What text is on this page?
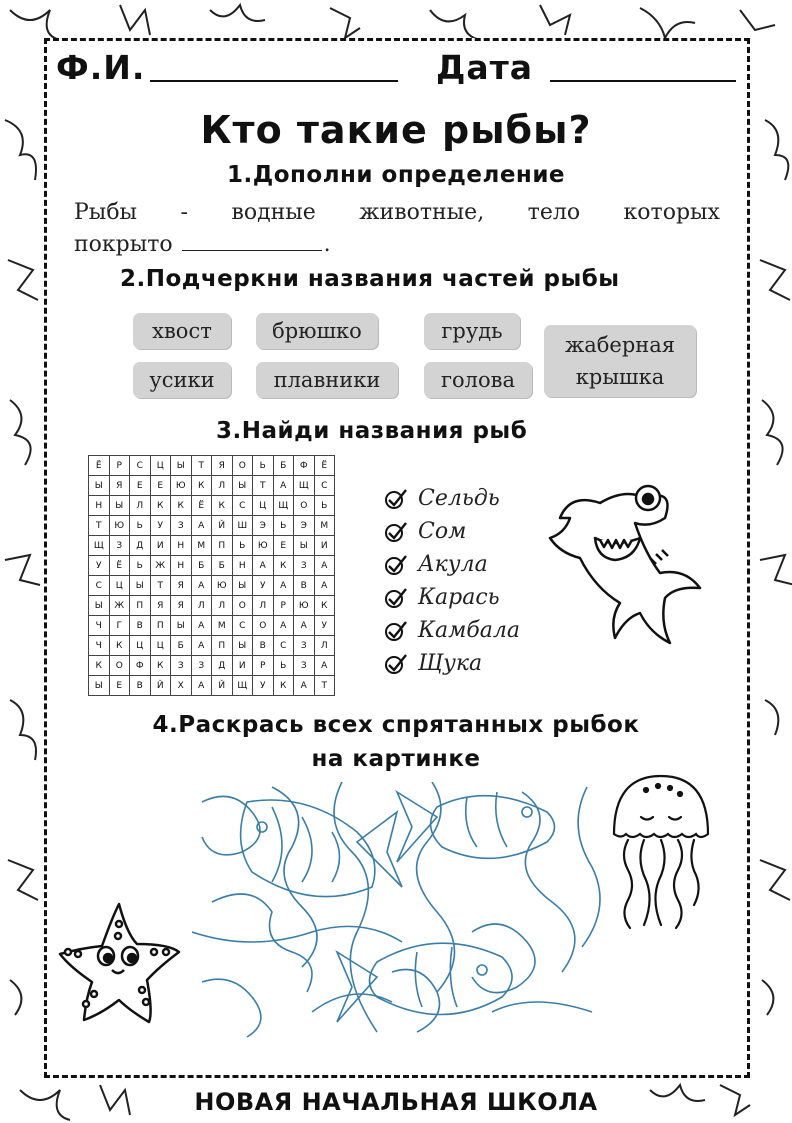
Ф.И.	Дата
Кто такие рыбы?
1.Дополни определение
Рыбы - водные животные, тело которых
покрыто	.
2.Подчеркни названия частей рыбы
хвост	брюшко	грудь
усики	плавники	голова
жаберная
крышка
3.Найди названия рыб
Ё	Р	С	Ц	Ы	Т	Я	О	Ь	Б	Ф	Ё
Ы	Я	Е	Е	Ю	К	Л	Ы	Т	А	Щ	С
Н	Ы	Л	К	К	Ё	К	С	Ц	Щ	О	Ь
Т	Ю	Ь	У	З	А	Й	Ш	Э	Ь	Э	М
Щ	З	Д	И	Н	М	П	Ь	Ю	Е	Ы	И
У	Ё	Ь	Ж	Н	Б	Б	Н	А	К	З	А
С	Ц	Ы	Т	Я	А	Ю	Ы	У	А	В	А
Ы	Ж	П	Я	Я	Л	Л	О	Л	Р	Ю	К
Ч	Г	В	П	Ы	А	М	С	О	А	А	У
Ч	К	Ц	Ц	Б	А	П	Ы	В	С	З	Л
К	О	Ф	К	З	З	Д	И	Р	Ь	З	А
Ы	Е	В	Й	Х	А	Й	Щ	У	К	А	Т
Сельдь
Сом
Акула
Карась
Камбала
Щука
4.Раскрась всех спрятанных рыбок
на картинке
НОВАЯ НАЧАЛЬНАЯ ШКОЛА
